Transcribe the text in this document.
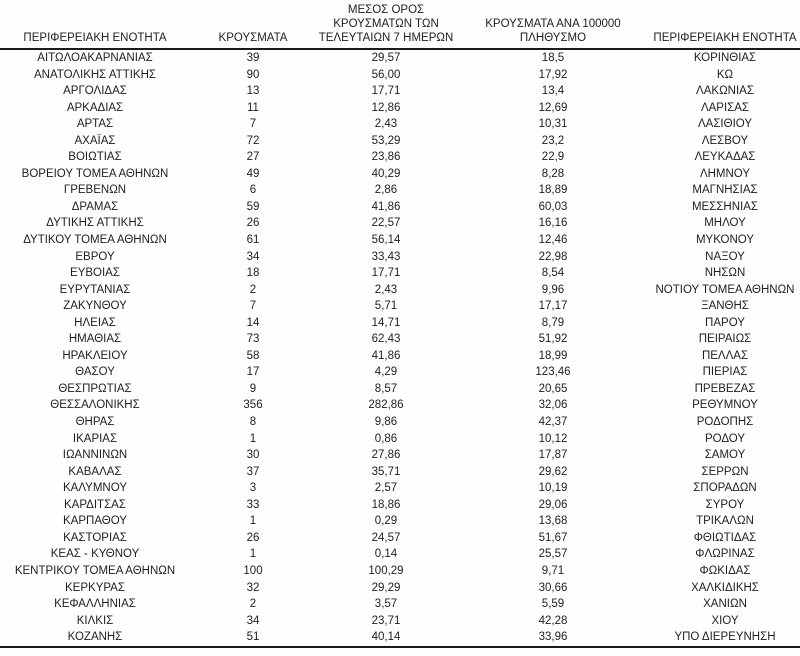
ΠΕΡΙΦΕΡΕΙΑΚΗ ΕΝΟΤΗΤΑ	ΚΡΟΥΣΜΑΤΑ	ΜΕΣΟΣ ΟΡΟΣ
ΚΡΟΥΣΜΑΤΩΝ ΤΩΝ
ΤΕΛΕΥΤΑΙΩΝ 7 ΗΜΕΡΩΝ	ΚΡΟΥΣΜΑΤΑ ΑΝΑ 100000
ΠΛΗΘΥΣΜΟ	ΠΕΡΙΦΕΡΕΙΑΚΗ ΕΝΟΤΗΤΑ
ΑΙΤΩΛΟΑΚΑΡΝΑΝΙΑΣ	39	29,57	18,5	ΚΟΡΙΝΘΙΑΣ
ΑΝΑΤΟΛΙΚΗΣ ΑΤΤΙΚΗΣ	90	56,00	17,92	ΚΩ
ΑΡΓΟΛΙΔΑΣ	13	17,71	13,4	ΛΑΚΩΝΙΑΣ
ΑΡΚΑΔΙΑΣ	11	12,86	12,69	ΛΑΡΙΣΑΣ
ΑΡΤΑΣ	7	2,43	10,31	ΛΑΣΙΘΙΟΥ
ΑΧΑΪΑΣ	72	53,29	23,2	ΛΕΣΒΟΥ
ΒΟΙΩΤΙΑΣ	27	23,86	22,9	ΛΕΥΚΑΔΑΣ
ΒΟΡΕΙΟΥ ΤΟΜΕΑ ΑΘΗΝΩΝ	49	40,29	8,28	ΛΗΜΝΟΥ
ΓΡΕΒΕΝΩΝ	6	2,86	18,89	ΜΑΓΝΗΣΙΑΣ
ΔΡΑΜΑΣ	59	41,86	60,03	ΜΕΣΣΗΝΙΑΣ
ΔΥΤΙΚΗΣ ΑΤΤΙΚΗΣ	26	22,57	16,16	ΜΗΛΟΥ
ΔΥΤΙΚΟΥ ΤΟΜΕΑ ΑΘΗΝΩΝ	61	56,14	12,46	ΜΥΚΟΝΟΥ
ΕΒΡΟΥ	34	33,43	22,98	ΝΑΞΟΥ
ΕΥΒΟΙΑΣ	18	17,71	8,54	ΝΗΣΩΝ
ΕΥΡΥΤΑΝΙΑΣ	2	2,43	9,96	ΝΟΤΙΟΥ ΤΟΜΕΑ ΑΘΗΝΩΝ
ΖΑΚΥΝΘΟΥ	7	5,71	17,17	ΞΑΝΘΗΣ
ΗΛΕΙΑΣ	14	14,71	8,79	ΠΑΡΟΥ
ΗΜΑΘΙΑΣ	73	62,43	51,92	ΠΕΙΡΑΙΩΣ
ΗΡΑΚΛΕΙΟΥ	58	41,86	18,99	ΠΕΛΛΑΣ
ΘΑΣΟΥ	17	4,29	123,46	ΠΙΕΡΙΑΣ
ΘΕΣΠΡΩΤΙΑΣ	9	8,57	20,65	ΠΡΕΒΕΖΑΣ
ΘΕΣΣΑΛΟΝΙΚΗΣ	356	282,86	32,06	ΡΕΘΥΜΝΟΥ
ΘΗΡΑΣ	8	9,86	42,37	ΡΟΔΟΠΗΣ
ΙΚΑΡΙΑΣ	1	0,86	10,12	ΡΟΔΟΥ
ΙΩΑΝΝΙΝΩΝ	30	27,86	17,87	ΣΑΜΟΥ
ΚΑΒΑΛΑΣ	37	35,71	29,62	ΣΕΡΡΩΝ
ΚΑΛΥΜΝΟΥ	3	2,57	10,19	ΣΠΟΡΑΔΩΝ
ΚΑΡΔΙΤΣΑΣ	33	18,86	29,06	ΣΥΡΟΥ
ΚΑΡΠΑΘΟΥ	1	0,29	13,68	ΤΡΙΚΑΛΩΝ
ΚΑΣΤΟΡΙΑΣ	26	24,57	51,67	ΦΘΙΩΤΙΔΑΣ
ΚΕΑΣ - ΚΥΘΝΟΥ	1	0,14	25,57	ΦΛΩΡΙΝΑΣ
ΚΕΝΤΡΙΚΟΥ ΤΟΜΕΑ ΑΘΗΝΩΝ	100	100,29	9,71	ΦΩΚΙΔΑΣ
ΚΕΡΚΥΡΑΣ	32	29,29	30,66	ΧΑΛΚΙΔΙΚΗΣ
ΚΕΦΑΛΛΗΝΙΑΣ	2	3,57	5,59	ΧΑΝΙΩΝ
ΚΙΛΚΙΣ	34	23,71	42,28	ΧΙΟΥ
ΚΟΖΑΝΗΣ	51	40,14	33,96	ΥΠΟ ΔΙΕΡΕΥΝΗΣΗ
